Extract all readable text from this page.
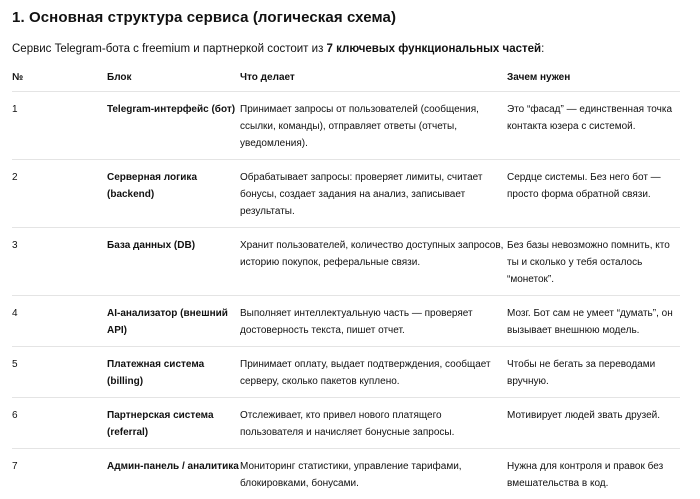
1. Основная структура сервиса (логическая схема)

Сервис Telegram-бота с freemium и партнеркой состоит из 7 ключевых функциональных частей:

№	Блок	Что делает	Зачем нужен
1	Telegram-интерфейс (бот)	Принимает запросы от пользователей (сообщения, ссылки, команды), отправляет ответы (отчеты, уведомления).	Это “фасад” — единственная точка контакта юзера с системой.
2	Серверная логика (backend)	Обрабатывает запросы: проверяет лимиты, считает бонусы, создает задания на анализ, записывает результаты.	Сердце системы. Без него бот — просто форма обратной связи.
3	База данных (DB)	Хранит пользователей, количество доступных запросов, историю покупок, реферальные связи.	Без базы невозможно помнить, кто ты и сколько у тебя осталось “монеток”.
4	AI-анализатор (внешний API)	Выполняет интеллектуальную часть — проверяет достоверность текста, пишет отчет.	Мозг. Бот сам не умеет “думать”, он вызывает внешнюю модель.
5	Платежная система (billing)	Принимает оплату, выдает подтверждения, сообщает серверу, сколько пакетов куплено.	Чтобы не бегать за переводами вручную.
6	Партнерская система (referral)	Отслеживает, кто привел нового платящего пользователя и начисляет бонусные запросы.	Мотивирует людей звать друзей.
7	Админ-панель / аналитика	Мониторинг статистики, управление тарифами, блокировками, бонусами.	Нужна для контроля и правок без вмешательства в код.
